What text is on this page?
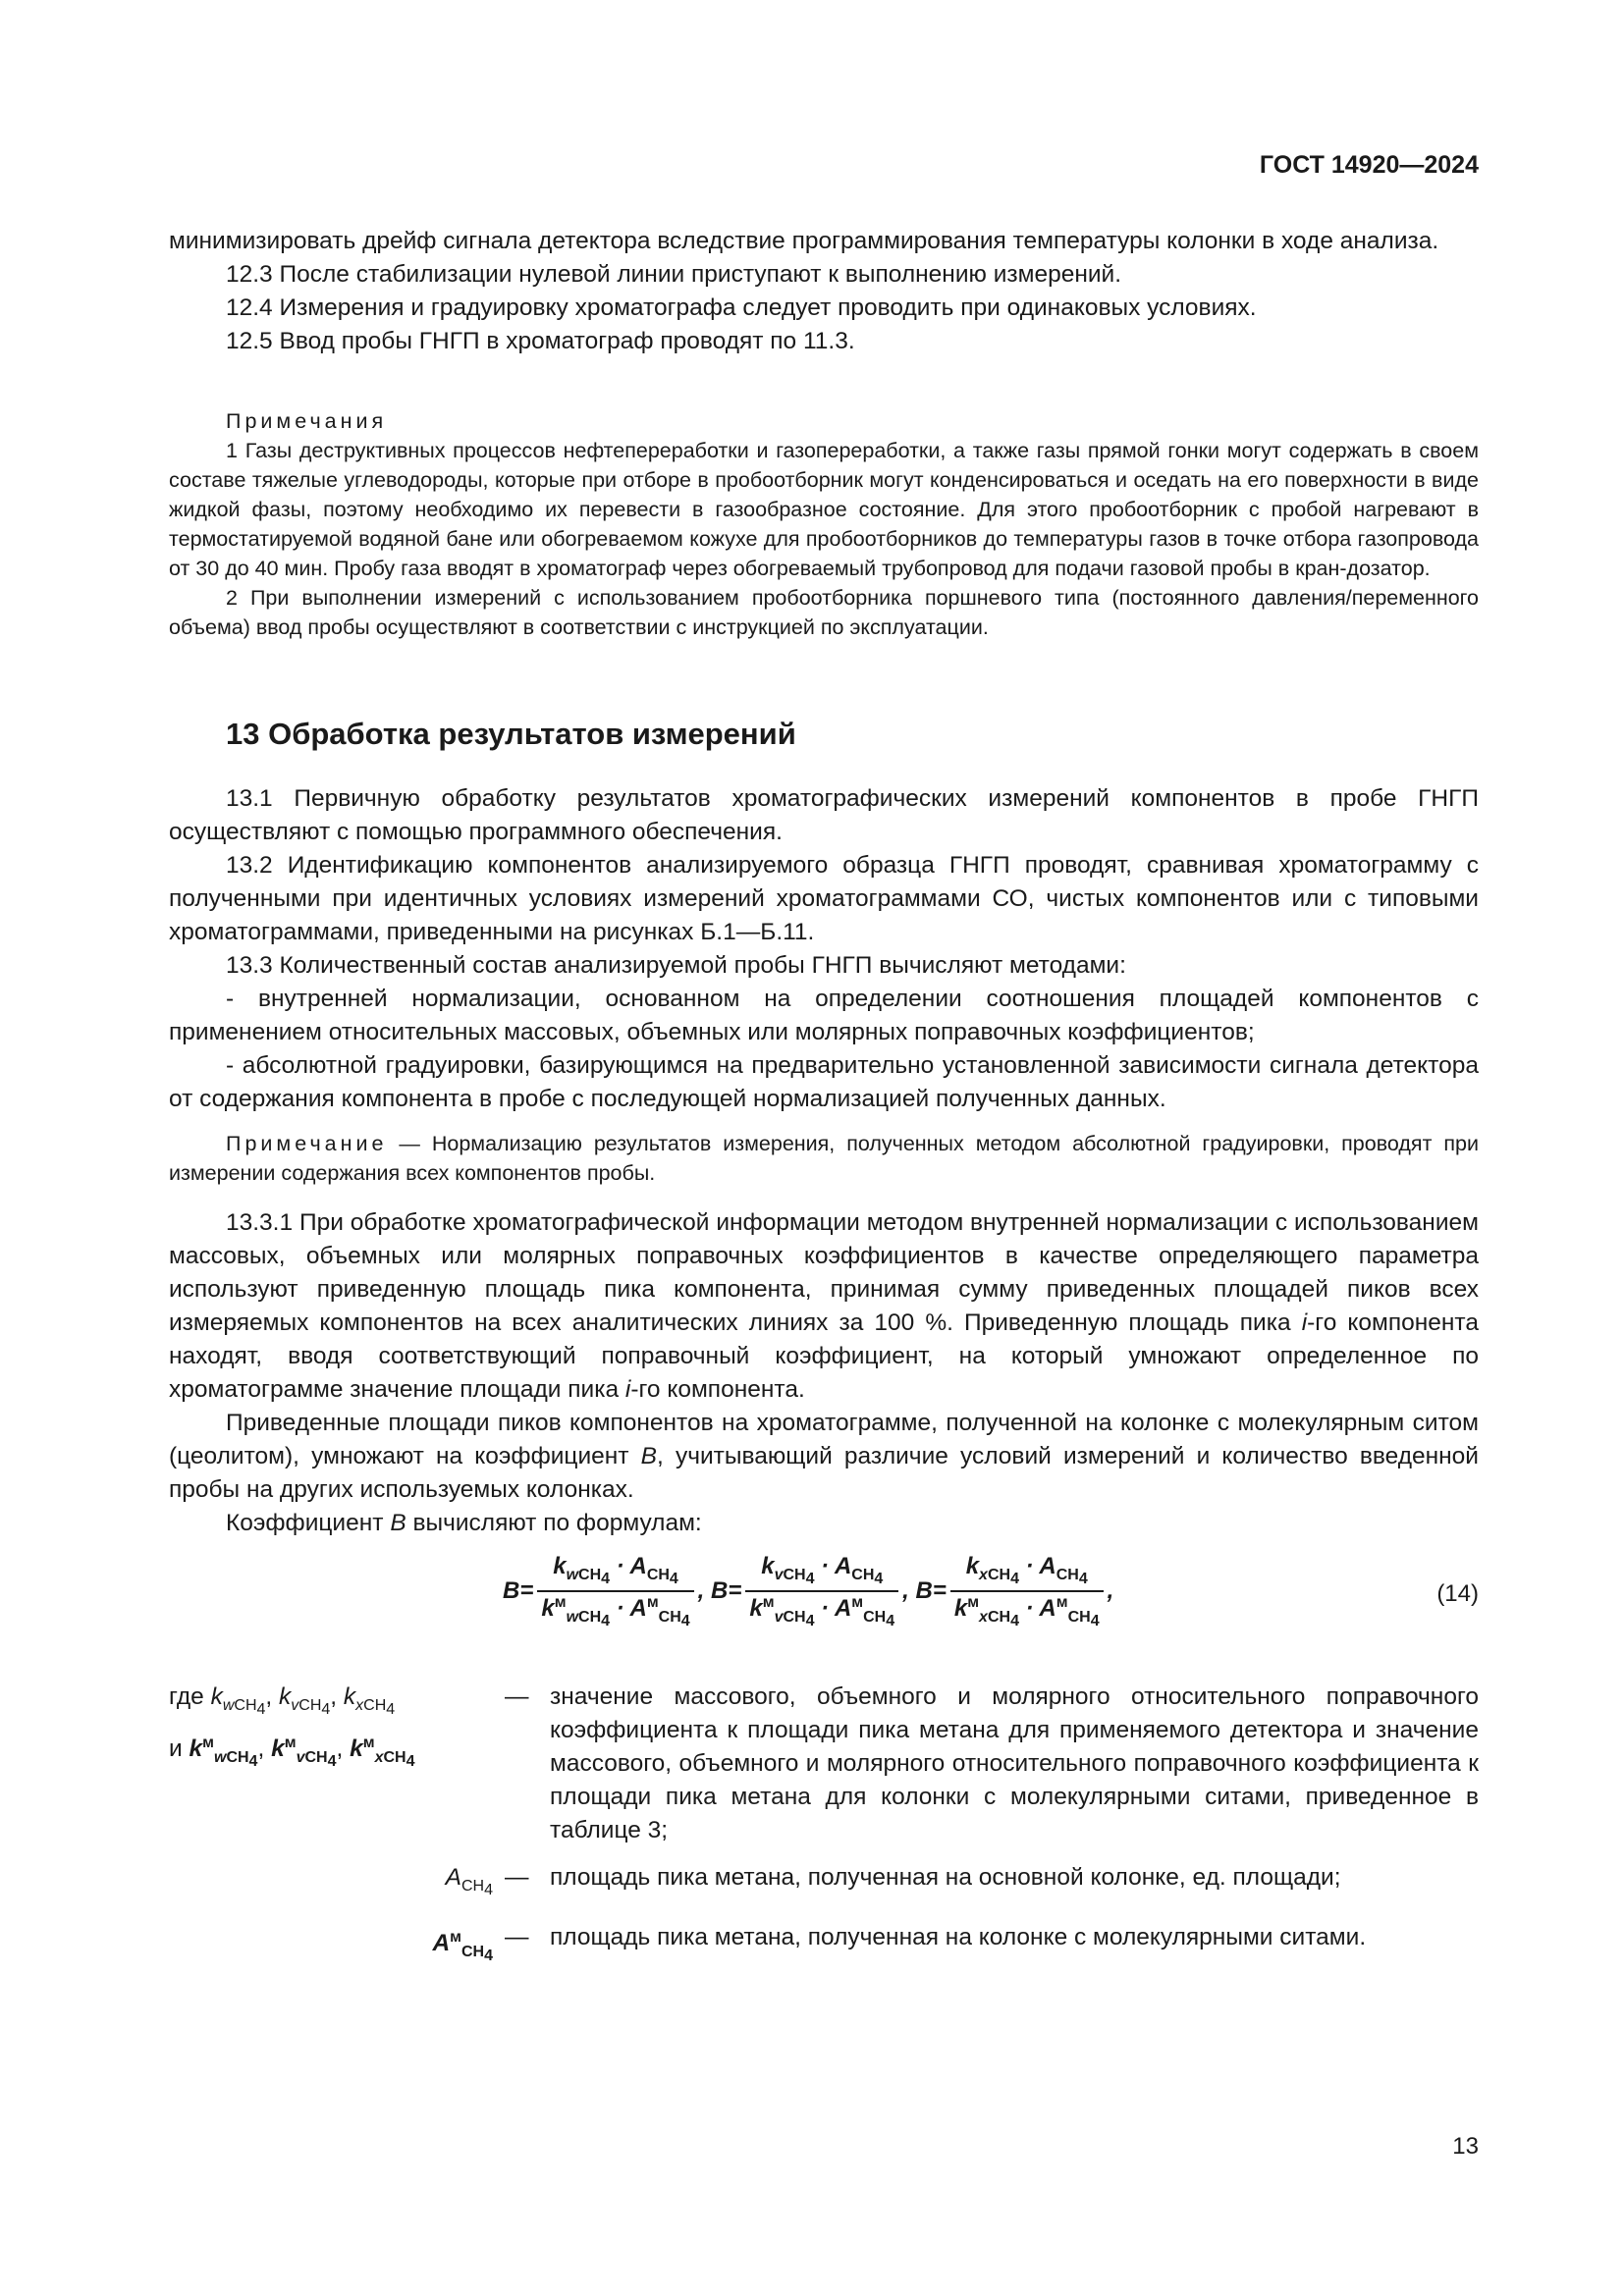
ГОСТ 14920—2024

минимизировать дрейф сигнала детектора вследствие программирования температуры колонки в ходе анализа.

12.3 После стабилизации нулевой линии приступают к выполнению измерений.

12.4 Измерения и градуировку хроматографа следует проводить при одинаковых условиях.

12.5 Ввод пробы ГНГП в хроматограф проводят по 11.3.

Примечания

1 Газы деструктивных процессов нефтепереработки и газопереработки, а также газы прямой гонки могут содержать в своем составе тяжелые углеводороды, которые при отборе в пробоотборник могут конденсироваться и оседать на его поверхности в виде жидкой фазы, поэтому необходимо их перевести в газообразное состояние. Для этого пробоотборник с пробой нагревают в термостатируемой водяной бане или обогреваемом кожухе для пробоотборников до температуры газов в точке отбора газопровода от 30 до 40 мин. Пробу газа вводят в хроматограф через обогреваемый трубопровод для подачи газовой пробы в кран-дозатор.

2 При выполнении измерений с использованием пробоотборника поршневого типа (постоянного давления/переменного объема) ввод пробы осуществляют в соответствии с инструкцией по эксплуатации.

13 Обработка результатов измерений

13.1 Первичную обработку результатов хроматографических измерений компонентов в пробе ГНГП осуществляют с помощью программного обеспечения.

13.2 Идентификацию компонентов анализируемого образца ГНГП проводят, сравнивая хроматограмму с полученными при идентичных условиях измерений хроматограммами СО, чистых компонентов или с типовыми хроматограммами, приведенными на рисунках Б.1—Б.11.

13.3 Количественный состав анализируемой пробы ГНГП вычисляют методами:

- внутренней нормализации, основанном на определении соотношения площадей компонентов с применением относительных массовых, объемных или молярных поправочных коэффициентов;

- абсолютной градуировки, базирующимся на предварительно установленной зависимости сигнала детектора от содержания компонента в пробе с последующей нормализацией полученных данных.

Примечание — Нормализацию результатов измерения, полученных методом абсолютной градуировки, проводят при измерении содержания всех компонентов пробы.

13.3.1 При обработке хроматографической информации методом внутренней нормализации с использованием массовых, объемных или молярных поправочных коэффициентов в качестве определяющего параметра используют приведенную площадь пика компонента, принимая сумму приведенных площадей пиков всех измеряемых компонентов на всех аналитических линиях за 100 %. Приведенную площадь пика i-го компонента находят, вводя соответствующий поправочный коэффициент, на который умножают определенное по хроматограмме значение площади пика i-го компонента.

Приведенные площади пиков компонентов на хроматограмме, полученной на колонке с молекулярным ситом (цеолитом), умножают на коэффициент B, учитывающий различие условий измерений и количество введенной пробы на других используемых колонках.

Коэффициент B вычисляют по формулам:

$B = \frac{k_{wCH_4} \cdot A_{CH_4}}{k^м_{wCH_4} \cdot A^м_{CH_4}}$ ,
$B = \frac{k_{vCH_4} \cdot A_{CH_4}}{k^м_{vCH_4} \cdot A^м_{CH_4}}$ ,
$B = \frac{k_{xCH_4} \cdot A_{CH_4}}{k^м_{xCH_4} \cdot A^м_{CH_4}}$ ,	(14)
где $k_{wCH_4}$, $k_{vCH_4}$, $k_{xCH_4}$
и $k^м_{wCH_4}$, $k^м_{vCH_4}$, $k^м_{xCH_4}$
— значение массового, объемного и молярного относительного поправочного коэффициента к площади пика метана для применяемого детектора и значение массового, объемного и молярного относительного поправочного коэффициента к площади пика метана для колонки с молекулярными ситами, приведенное в таблице 3;
$A_{CH_4}$ — площадь пика метана, полученная на основной колонке, ед. площади;
$A^м_{CH_4}$
— площадь пика метана, полученная на колонке с молекулярными ситами.
13
